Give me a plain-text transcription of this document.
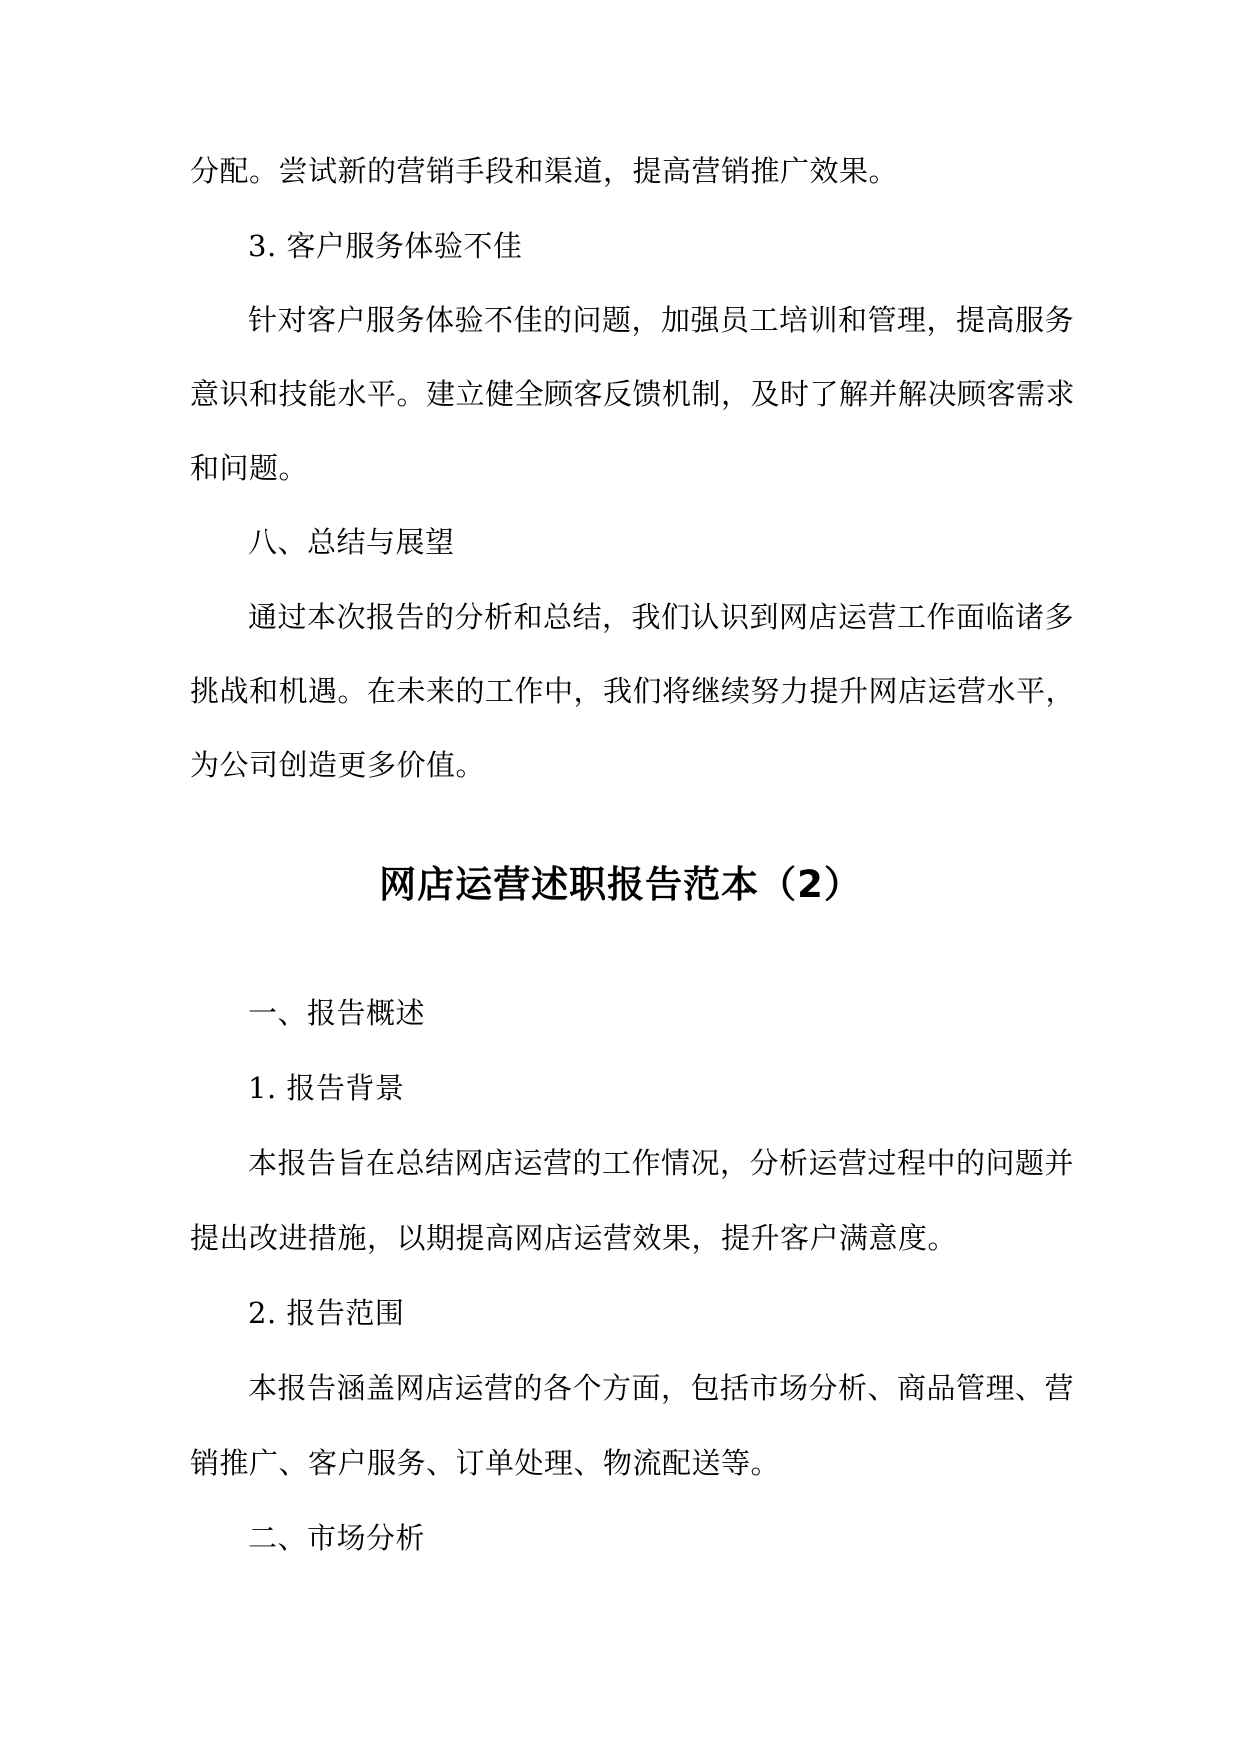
分配。尝试新的营销手段和渠道，提高营销推广效果。
3. 客户服务体验不佳
针对客户服务体验不佳的问题，加强员工培训和管理，提高服务
意识和技能水平。建立健全顾客反馈机制，及时了解并解决顾客需求
和问题。
八、总结与展望
通过本次报告的分析和总结，我们认识到网店运营工作面临诸多
挑战和机遇。在未来的工作中，我们将继续努力提升网店运营水平，
为公司创造更多价值。
网店运营述职报告范本（2）
一、报告概述
1. 报告背景
本报告旨在总结网店运营的工作情况，分析运营过程中的问题并
提出改进措施，以期提高网店运营效果，提升客户满意度。
2. 报告范围
本报告涵盖网店运营的各个方面，包括市场分析、商品管理、营
销推广、客户服务、订单处理、物流配送等。
二、市场分析
